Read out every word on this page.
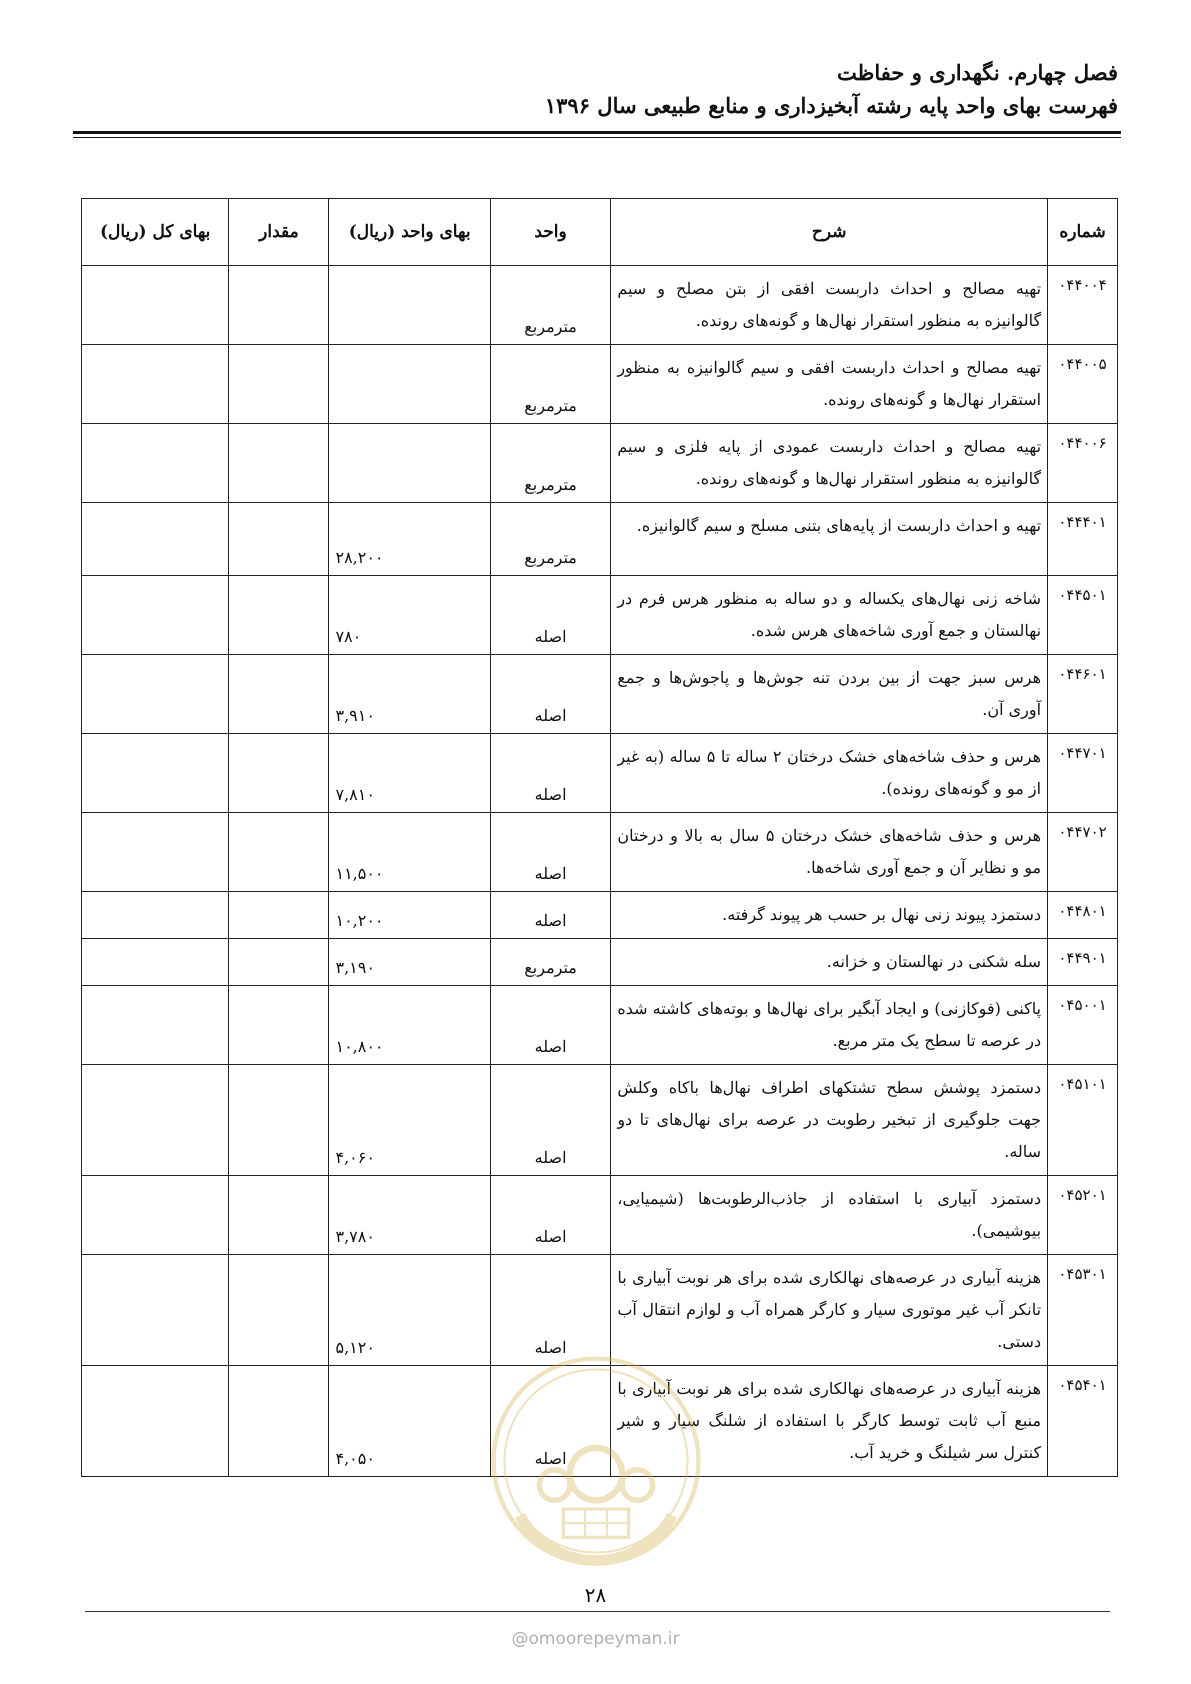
فصل چهارم. نگهداری و حفاظت
فهرست بهای واحد پایه رشته آبخیزداری و منابع طبیعی سال ۱۳۹۶
شماره	شرح	واحد	بهای واحد (ریال)	مقدار	بهای کل (ریال)
۰۴۴۰۰۴	تهیه مصالح و احداث داربست افقی از بتن مصلح و سیم گالوانیزه به منظور استقرار نهال‌ها و گونه‌های رونده.	مترمربع			
۰۴۴۰۰۵	تهیه مصالح و احداث داربست افقی و سیم گالوانیزه به منظور استقرار نهال‌ها و گونه‌های رونده.	مترمربع			
۰۴۴۰۰۶	تهیه مصالح و احداث داربست عمودی از پایه فلزی و سیم گالوانیزه به منظور استقرار نهال‌ها و گونه‌های رونده.	مترمربع			
۰۴۴۴۰۱	تهیه و احداث داربست از پایه‌های بتنی مسلح و سیم گالوانیزه.	مترمربع	۲۸,۲۰۰		
۰۴۴۵۰۱	شاخه زنی نهال‌های یکساله و دو ساله به منظور هرس فرم در نهالستان و جمع آوری شاخه‌های هرس شده.	اصله	۷۸۰		
۰۴۴۶۰۱	هرس سبز جهت از بین بردن تنه جوش‌ها و پاجوش‌ها و جمع آوری آن.	اصله	۳,۹۱۰		
۰۴۴۷۰۱	هرس و حذف شاخه‌های خشک درختان ۲ ساله تا ۵ ساله (به غیر از مو و گونه‌های رونده).	اصله	۷,۸۱۰		
۰۴۴۷۰۲	هرس و حذف شاخه‌های خشک درختان ۵ سال به بالا و درختان مو و نظایر آن و جمع آوری شاخه‌ها.	اصله	۱۱,۵۰۰		
۰۴۴۸۰۱	دستمزد پیوند زنی نهال بر حسب هر پیوند گرفته.	اصله	۱۰,۲۰۰		
۰۴۴۹۰۱	سله شکنی در نهالستان و خزانه.	مترمربع	۳,۱۹۰		
۰۴۵۰۰۱	پاکنی (فوکازنی) و ایجاد آبگیر برای نهال‌ها و بوته‌های کاشته شده در عرصه تا سطح یک متر مربع.	اصله	۱۰,۸۰۰		
۰۴۵۱۰۱	دستمزد پوشش سطح تشتکهای اطراف نهال‌ها باکاه وکلش جهت جلوگیری از تبخیر رطوبت در عرصه برای نهال‌های تا دو ساله.	اصله	۴,۰۶۰		
۰۴۵۲۰۱	دستمزد آبیاری با استفاده از جاذب‌الرطوبت‌ها (شیمیایی، بیوشیمی).	اصله	۳,۷۸۰		
۰۴۵۳۰۱	هزینه آبیاری در عرصه‌های نهالکاری شده برای هر نوبت آبیاری با تانکر آب غیر موتوری سیار و کارگر همراه آب و لوازم انتقال آب دستی.	اصله	۵,۱۲۰		
۰۴۵۴۰۱	هزینه آبیاری در عرصه‌های نهالکاری شده برای هر نوبت آبیاری با منبع آب ثابت توسط کارگر با استفاده از شلنگ سیار و شیر کنترل سر شیلنگ و خرید آب.	اصله	۴,۰۵۰		
۲۸
@omoorepeyman.ir
